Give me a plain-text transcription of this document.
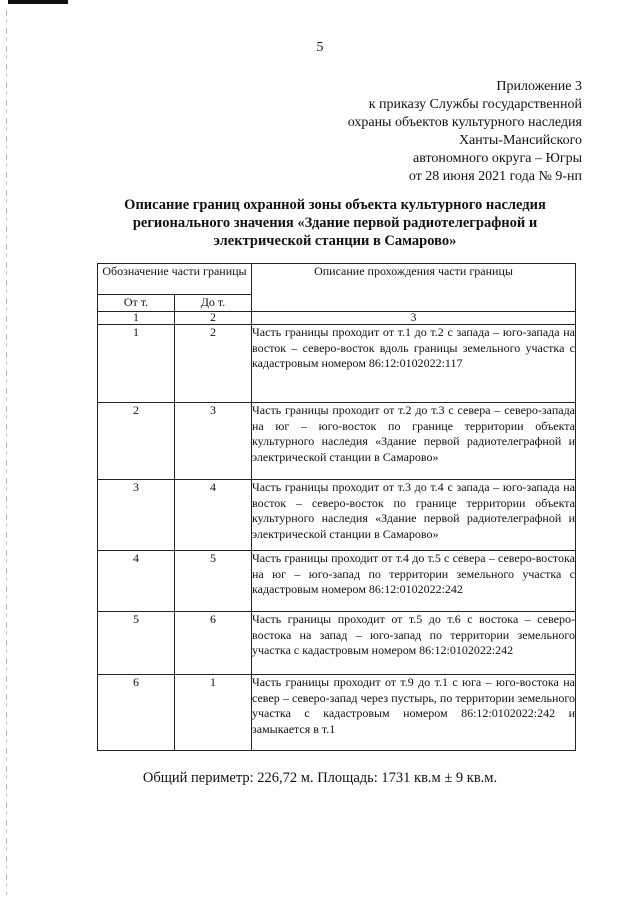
5
Приложение 3
к приказу Службы государственной
охраны объектов культурного наследия
Ханты-Мансийского
автономного округа – Югры
от 28 июня 2021 года № 9-нп
Описание границ охранной зоны объекта культурного наследия
регионального значения «Здание первой радиотелеграфной и
электрической станции в Самарово»
Обозначение части границы		Описание прохождения части границы
От т.	До т.	
1	2	3
1	2	Часть границы проходит от т.1 до т.2 с запада – юго-запада на восток – северо-восток вдоль границы земельного участка с кадастровым номером 86:12:0102022:117
2	3	Часть границы проходит от т.2 до т.3 с севера – северо-запада на юг – юго-восток по границе территории объекта культурного наследия «Здание первой радиотелеграфной и электрической станции в Самарово»
3	4	Часть границы проходит от т.3 до т.4 с запада – юго-запада на восток – северо-восток по границе территории объекта культурного наследия «Здание первой радиотелеграфной и электрической станции в Самарово»
4	5	Часть границы проходит от т.4 до т.5 с севера – северо-востока на юг – юго-запад по территории земельного участка с кадастровым номером 86:12:0102022:242
5	6	Часть границы проходит от т.5 до т.6 с востока – северо-востока на запад – юго-запад по территории земельного участка с кадастровым номером 86:12:0102022:242
6	1	Часть границы проходит от т.9 до т.1 с юга – юго-востока на север – северо-запад через пустырь, по территории земельного участка с кадастровым номером 86:12:0102022:242 и замыкается в т.1
Общий периметр: 226,72 м. Площадь: 1731 кв.м ± 9 кв.м.
